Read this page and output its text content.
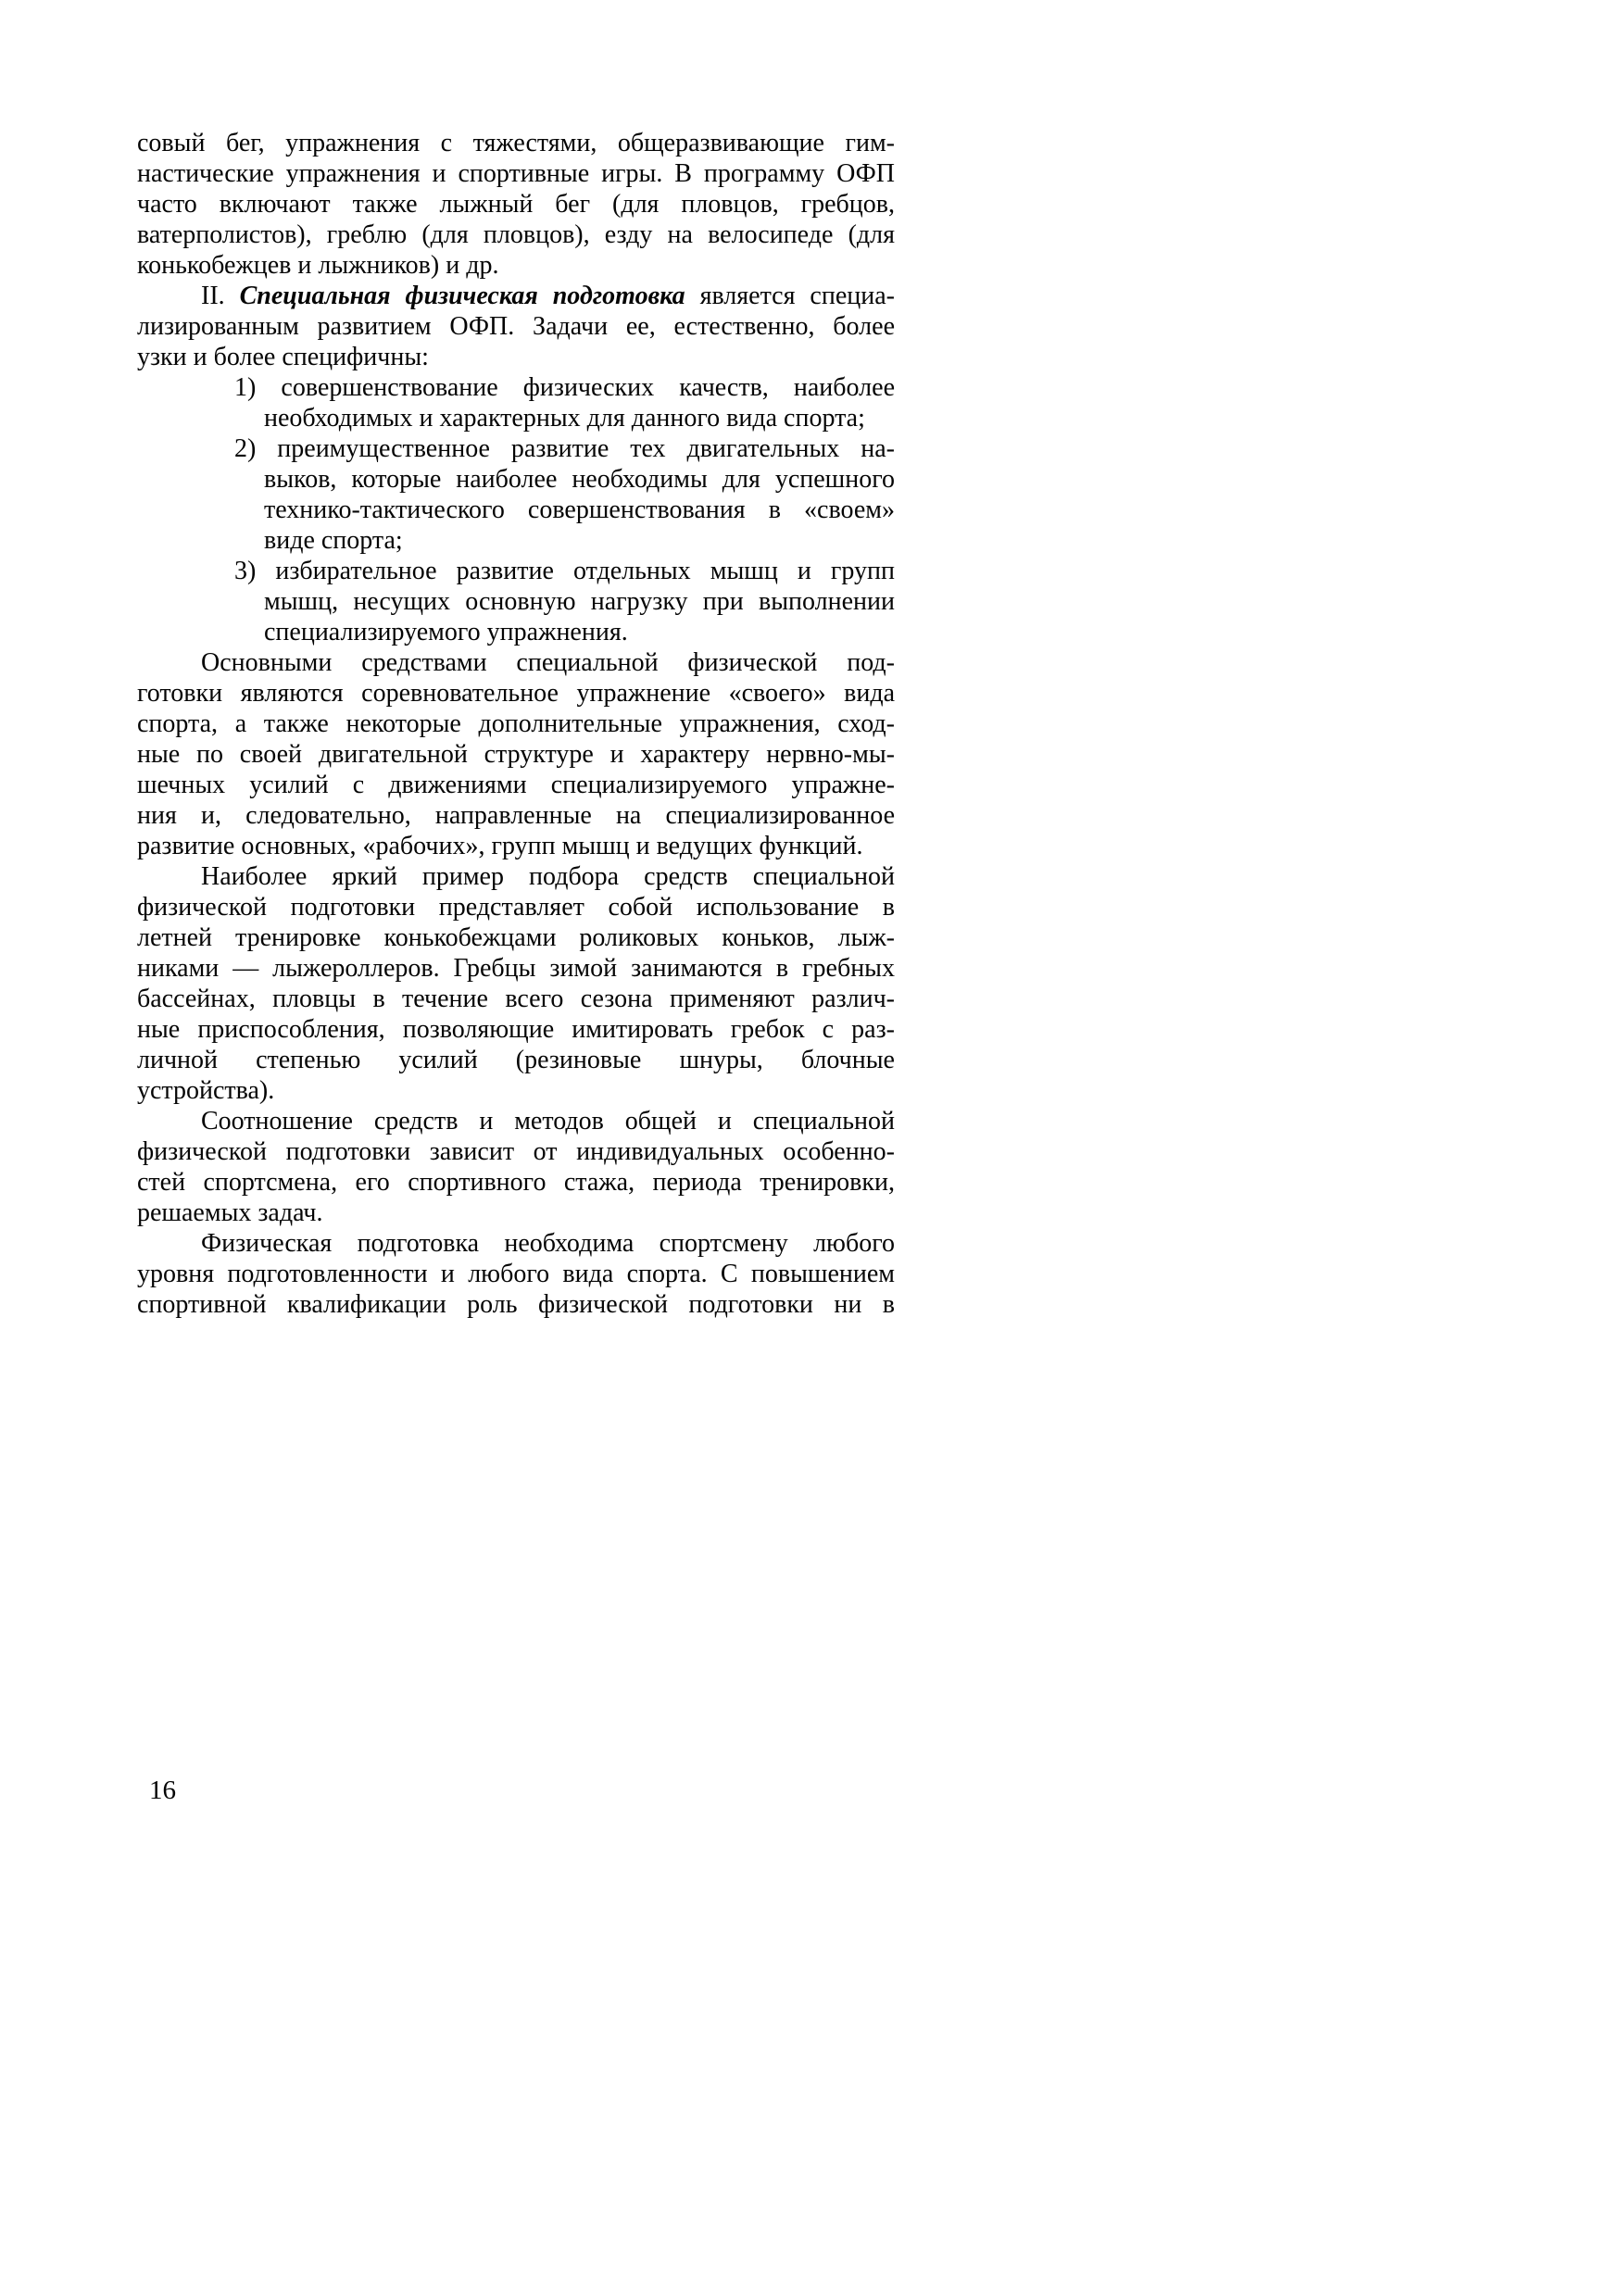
совый бег, упражнения с тяжестями, общеразвивающие гим-
настические упражнения и спортивные игры. В программу ОФП
часто включают также лыжный бег (для пловцов, гребцов,
ватерполистов), греблю (для пловцов), езду на велосипеде (для
конькобежцев и лыжников) и др.
II. Специальная физическая подготовка является специа-
лизированным развитием ОФП. Задачи ее, естественно, более
узки и более специфичны:
1) совершенствование физических качеств, наиболее
необходимых и характерных для данного вида спорта;
2) преимущественное развитие тех двигательных на-
выков, которые наиболее необходимы для успешного
технико-тактического совершенствования в «своем»
виде спорта;
3) избирательное развитие отдельных мышц и групп
мышц, несущих основную нагрузку при выполнении
специализируемого упражнения.
Основными средствами специальной физической под-
готовки являются соревновательное упражнение «своего» вида
спорта, а также некоторые дополнительные упражнения, сход-
ные по своей двигательной структуре и характеру нервно-мы-
шечных усилий с движениями специализируемого упражне-
ния и, следовательно, направленные на специализированное
развитие основных, «рабочих», групп мышц и ведущих функций.
Наиболее яркий пример подбора средств специальной
физической подготовки представляет собой использование в
летней тренировке конькобежцами роликовых коньков, лыж-
никами — лыжероллеров. Гребцы зимой занимаются в гребных
бассейнах, пловцы в течение всего сезона применяют различ-
ные приспособления, позволяющие имитировать гребок с раз-
личной степенью усилий (резиновые шнуры, блочные
устройства).
Соотношение средств и методов общей и специальной
физической подготовки зависит от индивидуальных особенно-
стей спортсмена, его спортивного стажа, периода тренировки,
решаемых задач.
Физическая подготовка необходима спортсмену любого
уровня подготовленности и любого вида спорта. С повышением
спортивной квалификации роль физической подготовки ни в
16
